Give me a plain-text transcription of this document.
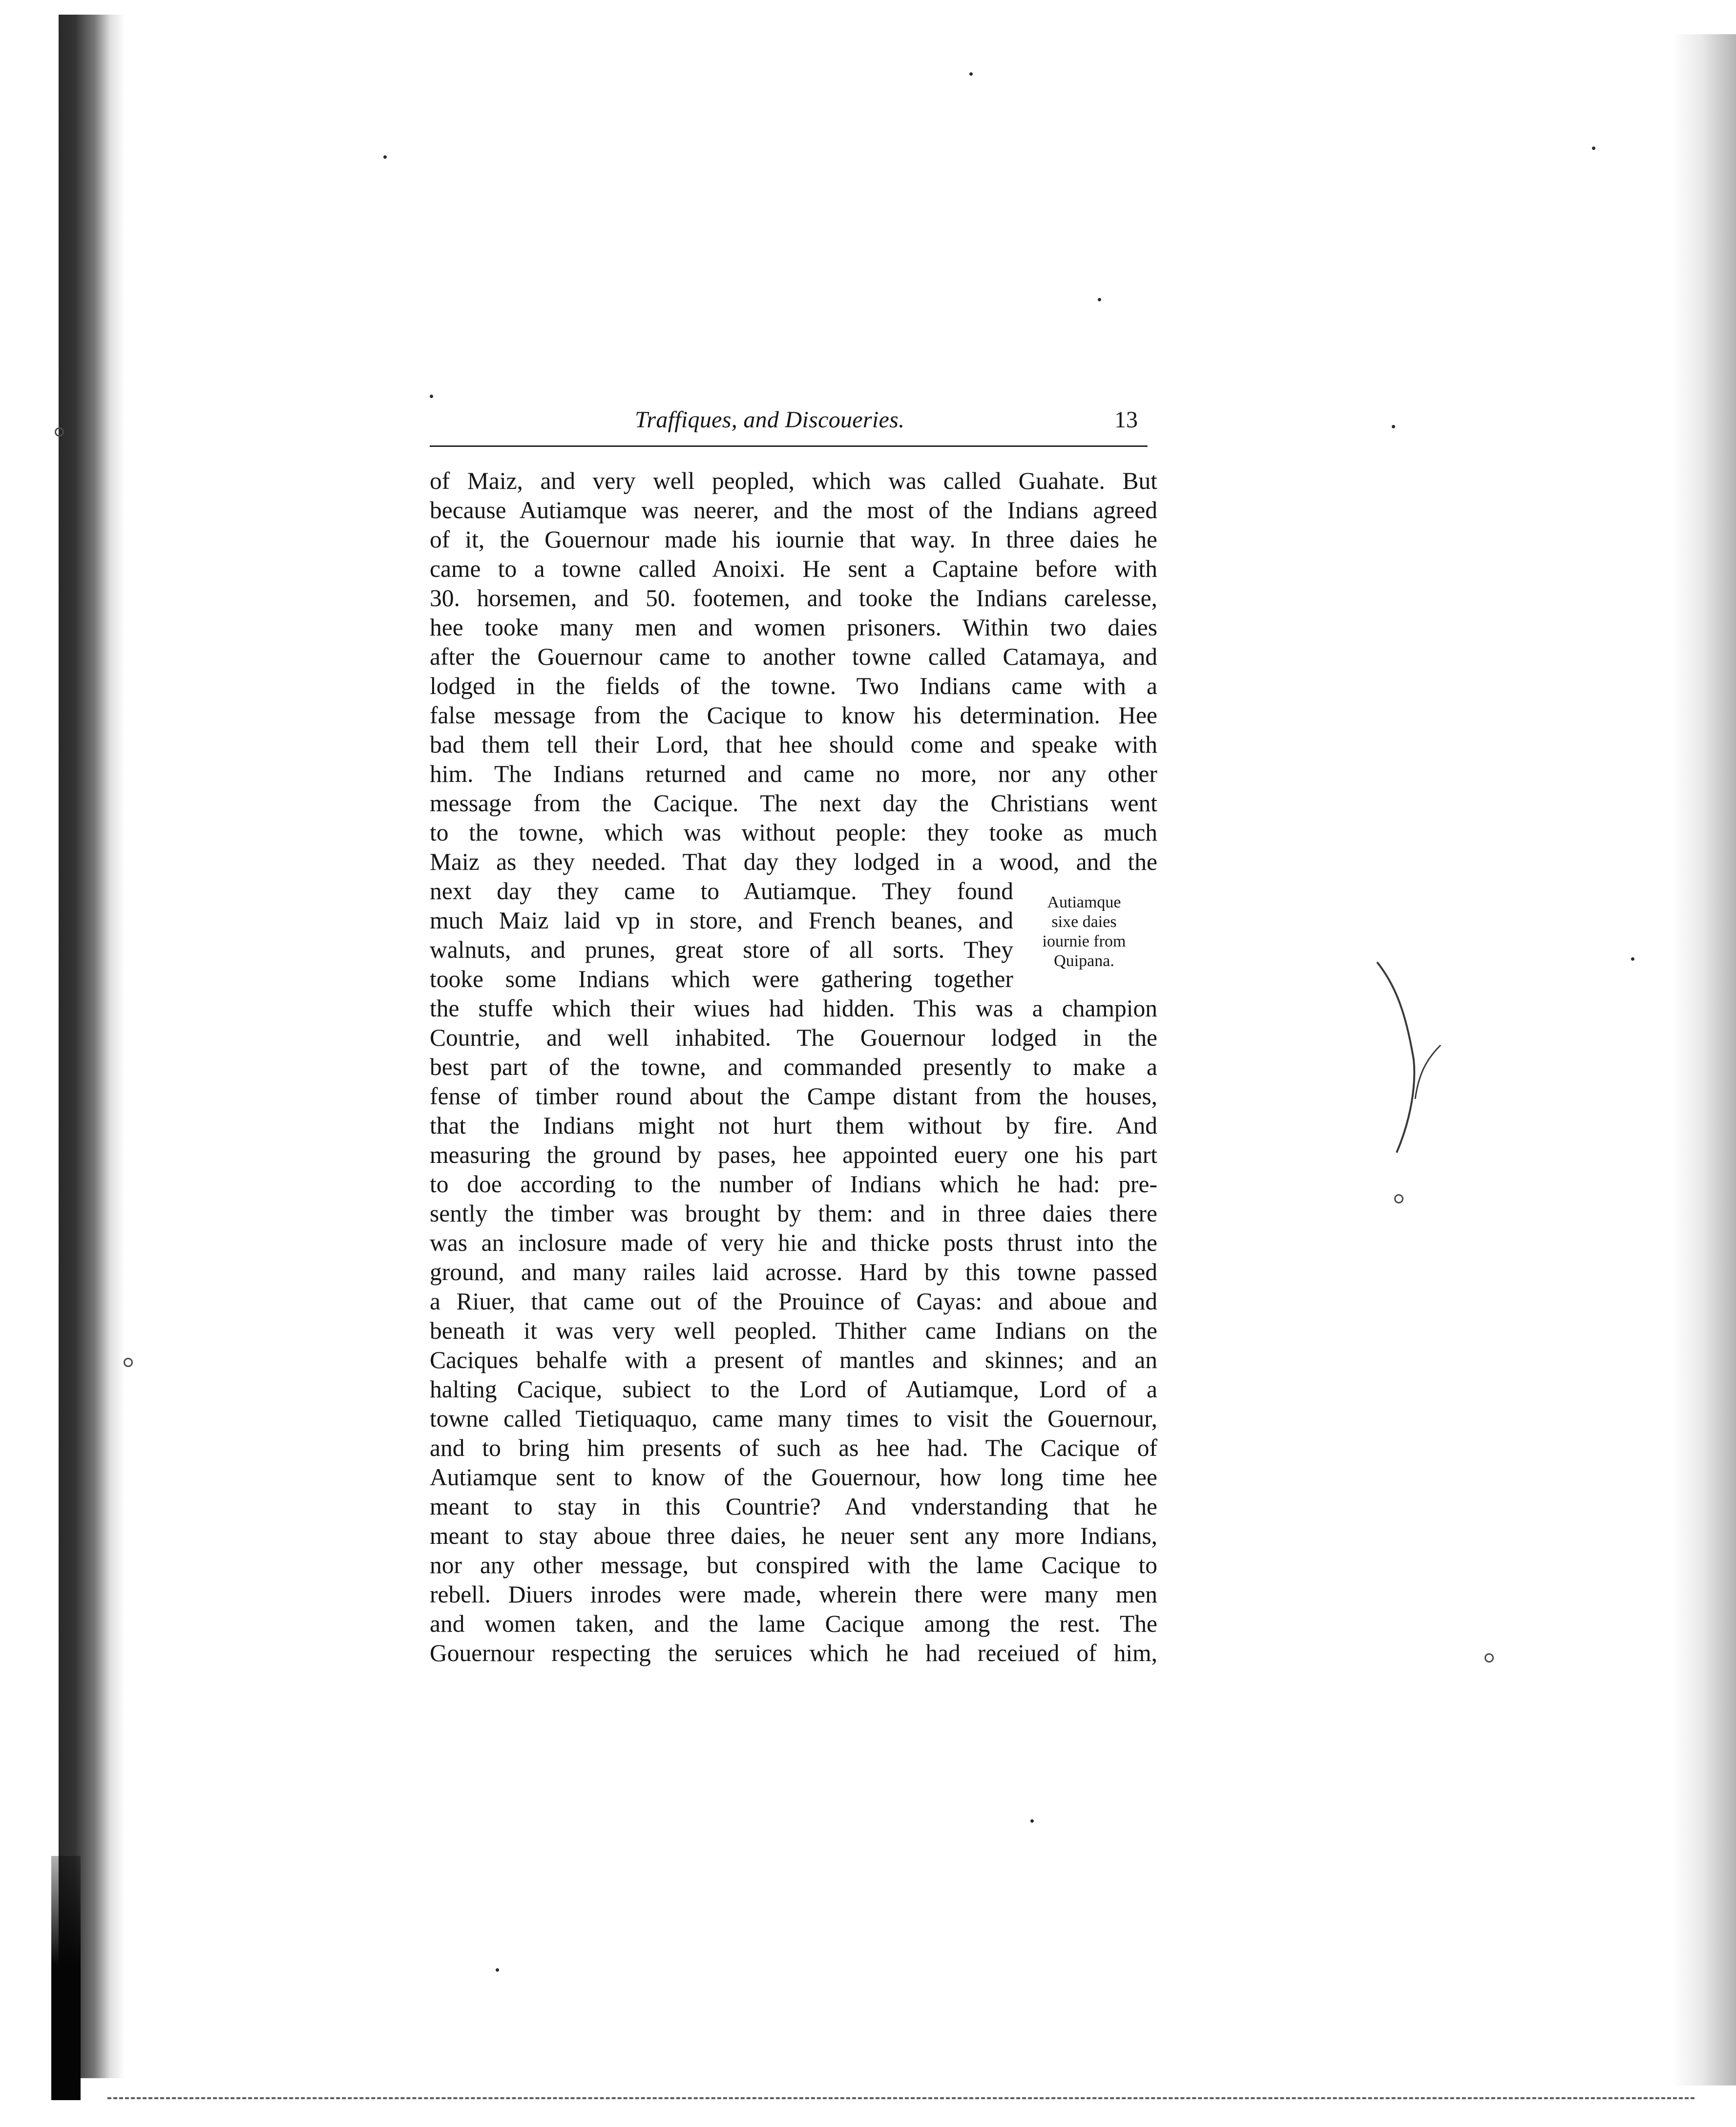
Traffiques, and Discoueries.	13
of Maiz, and very well peopled, which was called Guahate. But
because Autiamque was neerer, and the most of the Indians agreed
of it, the Gouernour made his iournie that way. In three daies he
came to a towne called Anoixi. He sent a Captaine before with
30. horsemen, and 50. footemen, and tooke the Indians carelesse,
hee tooke many men and women prisoners. Within two daies
after the Gouernour came to another towne called Catamaya, and
lodged in the fields of the towne. Two Indians came with a
false message from the Cacique to know his determination. Hee
bad them tell their Lord, that hee should come and speake with
him. The Indians returned and came no more, nor any other
message from the Cacique. The next day the Christians went
to the towne, which was without people: they tooke as much
Maiz as they needed. That day they lodged in a wood, and the
next day they came to Autiamque. They found
much Maiz laid vp in store, and French beanes, and
walnuts, and prunes, great store of all sorts. They
tooke some Indians which were gathering together
the stuffe which their wiues had hidden. This was a champion
Countrie, and well inhabited. The Gouernour lodged in the
best part of the towne, and commanded presently to make a
fense of timber round about the Campe distant from the houses,
that the Indians might not hurt them without by fire. And
measuring the ground by pases, hee appointed euery one his part
to doe according to the number of Indians which he had: pre-
sently the timber was brought by them: and in three daies there
was an inclosure made of very hie and thicke posts thrust into the
ground, and many railes laid acrosse. Hard by this towne passed
a Riuer, that came out of the Prouince of Cayas: and aboue and
beneath it was very well peopled. Thither came Indians on the
Caciques behalfe with a present of mantles and skinnes; and an
halting Cacique, subiect to the Lord of Autiamque, Lord of a
towne called Tietiquaquo, came many times to visit the Gouernour,
and to bring him presents of such as hee had. The Cacique of
Autiamque sent to know of the Gouernour, how long time hee
meant to stay in this Countrie? And vnderstanding that he
meant to stay aboue three daies, he neuer sent any more Indians,
nor any other message, but conspired with the lame Cacique to
rebell. Diuers inrodes were made, wherein there were many men
and women taken, and the lame Cacique among the rest. The
Gouernour respecting the seruices which he had receiued of him,
Autiamque
sixe daies
iournie from
Quipana.
